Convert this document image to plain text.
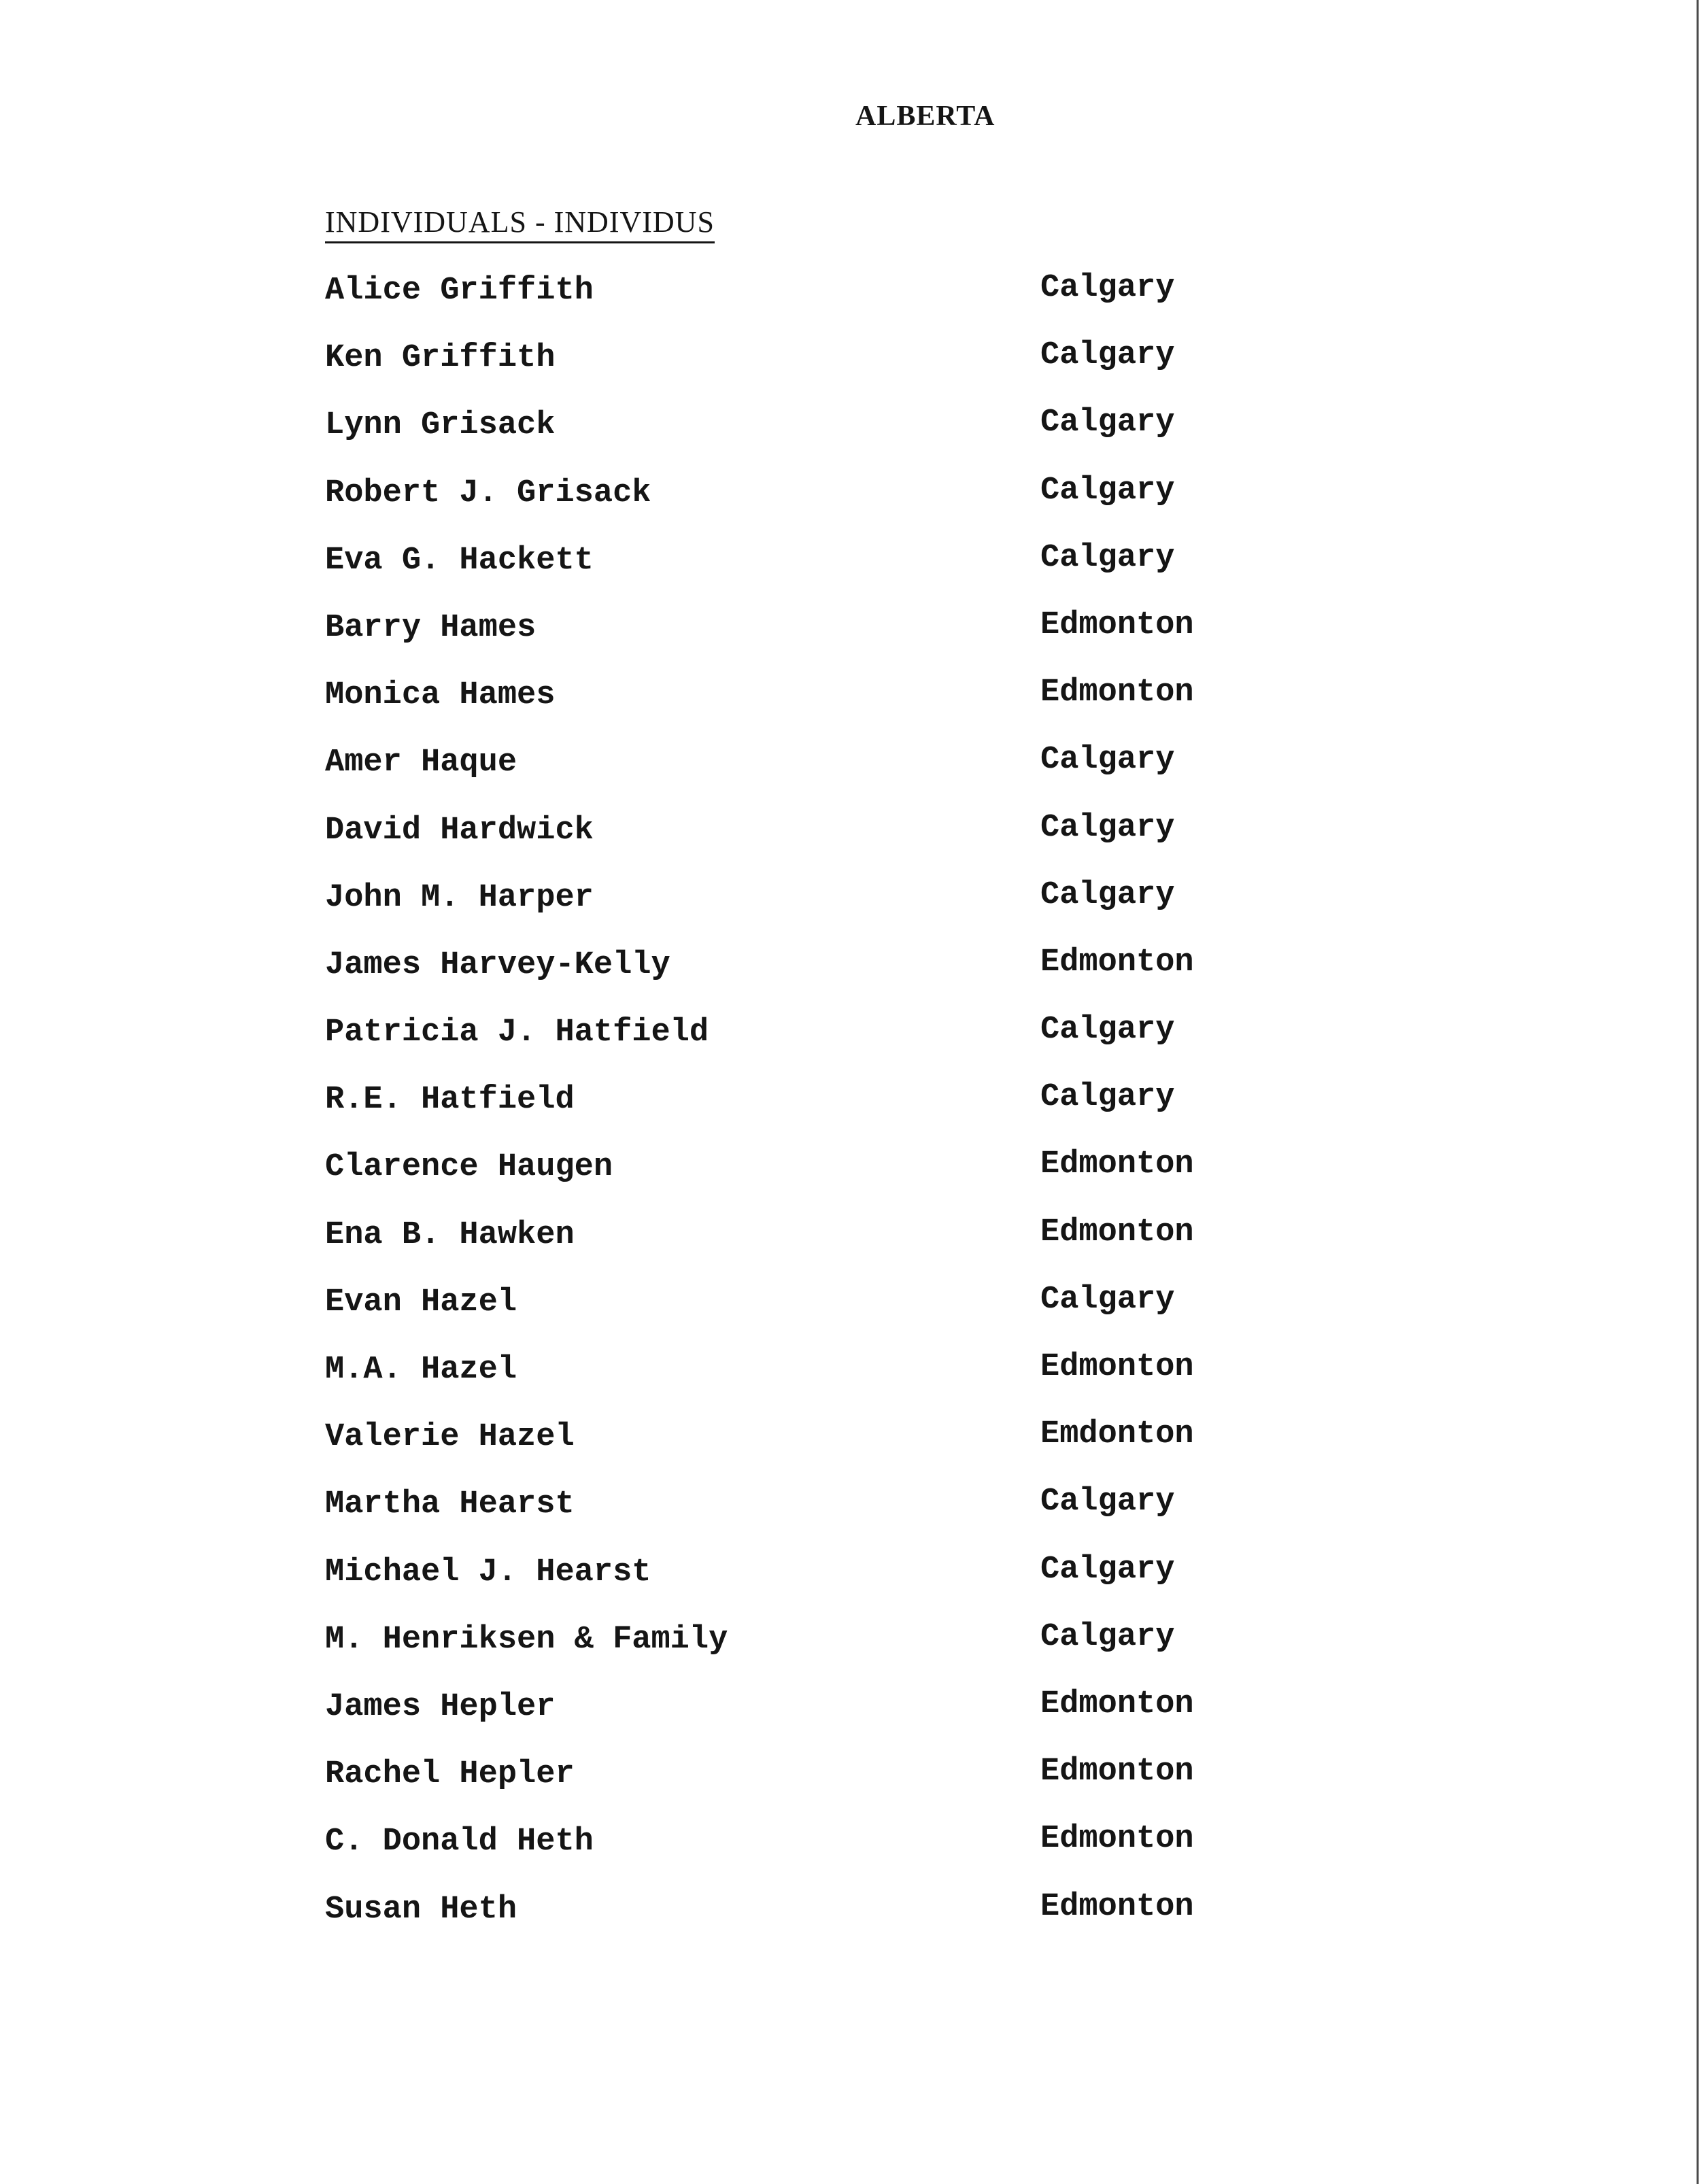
ALBERTA
INDIVIDUALS - INDIVIDUS
Alice Griffith	Calgary
Ken Griffith	Calgary
Lynn Grisack	Calgary
Robert J. Grisack	Calgary
Eva G. Hackett	Calgary
Barry Hames	Edmonton
Monica Hames	Edmonton
Amer Haque	Calgary
David Hardwick	Calgary
John M. Harper	Calgary
James Harvey-Kelly	Edmonton
Patricia J. Hatfield	Calgary
R.E. Hatfield	Calgary
Clarence Haugen	Edmonton
Ena B. Hawken	Edmonton
Evan Hazel	Calgary
M.A. Hazel	Edmonton
Valerie Hazel	Emdonton
Martha Hearst	Calgary
Michael J. Hearst	Calgary
M. Henriksen & Family	Calgary
James Hepler	Edmonton
Rachel Hepler	Edmonton
C. Donald Heth	Edmonton
Susan Heth	Edmonton
